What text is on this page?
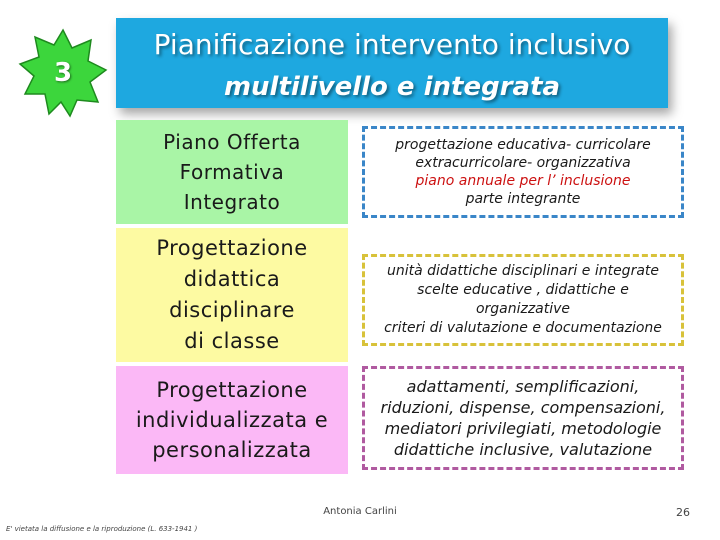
3
Pianificazione intervento inclusivo
multilivello e integrata
Piano Offerta
Formativa
Integrato
progettazione educativa- curricolare
extracurricolare- organizzativa
piano annuale per l’ inclusione
parte integrante
Progettazione
didattica
disciplinare
di classe
unità didattiche disciplinari e integrate
scelte educative , didattiche e
organizzative
criteri di valutazione e documentazione
Progettazione
individualizzata e
personalizzata
adattamenti, semplificazioni,
riduzioni, dispense, compensazioni,
mediatori privilegiati, metodologie
didattiche inclusive, valutazione
Antonia Carlini	26
E' vietata la diffusione e la riproduzione (L. 633-1941 )
